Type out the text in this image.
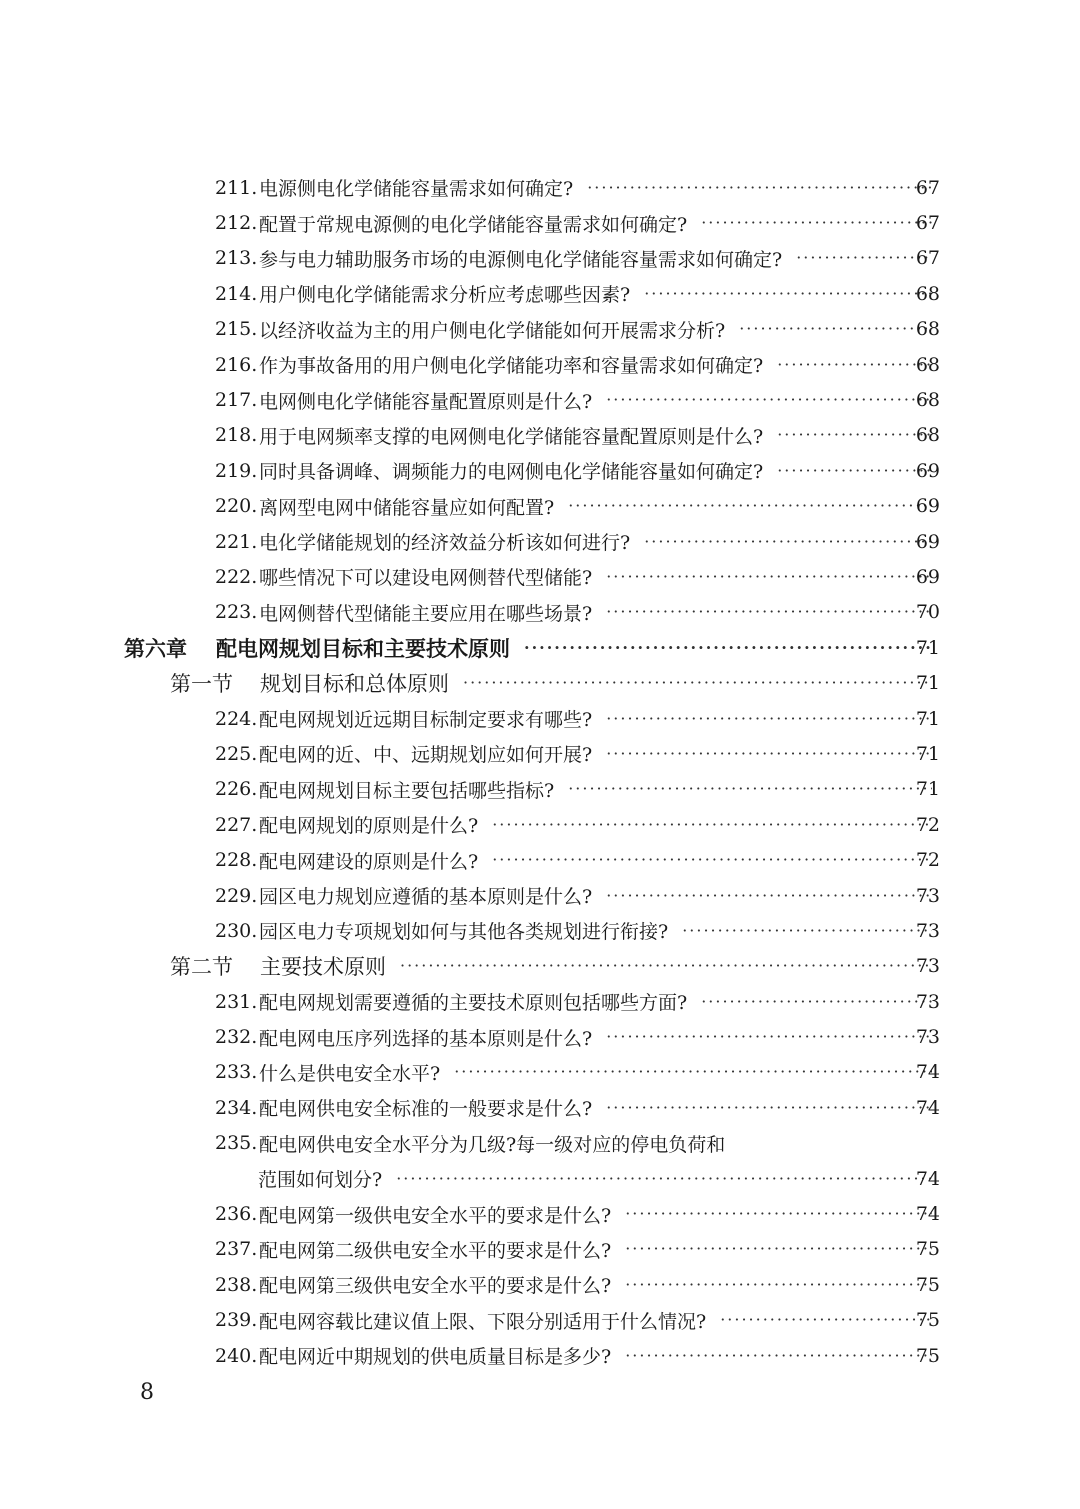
211. 电源侧电化学储能容量需求如何确定? ·····	67
212. 配置于常规电源侧的电化学储能容量需求如何确定? ·····	67
213. 参与电力辅助服务市场的电源侧电化学储能容量需求如何确定? ·····	67
214. 用户侧电化学储能需求分析应考虑哪些因素? ·····	68
215. 以经济收益为主的用户侧电化学储能如何开展需求分析? ·····	68
216. 作为事故备用的用户侧电化学储能功率和容量需求如何确定? ·····	68
217. 电网侧电化学储能容量配置原则是什么? ·····	68
218. 用于电网频率支撑的电网侧电化学储能容量配置原则是什么? ·····	68
219. 同时具备调峰、调频能力的电网侧电化学储能容量如何确定? ·····	69
220. 离网型电网中储能容量应如何配置? ·····	69
221. 电化学储能规划的经济效益分析该如何进行? ·····	69
222. 哪些情况下可以建设电网侧替代型储能? ·····	69
223. 电网侧替代型储能主要应用在哪些场景? ·····	70
第六章	配电网规划目标和主要技术原则 ·····	71
第一节	规划目标和总体原则 ·····	71
224. 配电网规划近远期目标制定要求有哪些? ·····	71
225. 配电网的近、中、远期规划应如何开展? ·····	71
226. 配电网规划目标主要包括哪些指标? ·····	71
227. 配电网规划的原则是什么? ·····	72
228. 配电网建设的原则是什么? ·····	72
229. 园区电力规划应遵循的基本原则是什么? ·····	73
230. 园区电力专项规划如何与其他各类规划进行衔接? ·····	73
第二节	主要技术原则 ·····	73
231. 配电网规划需要遵循的主要技术原则包括哪些方面? ·····	73
232. 配电网电压序列选择的基本原则是什么? ·····	73
233. 什么是供电安全水平? ·····	74
234. 配电网供电安全标准的一般要求是什么? ·····	74
235. 配电网供电安全水平分为几级?每一级对应的停电负荷和
范围如何划分? ·····	74
236. 配电网第一级供电安全水平的要求是什么? ·····	74
237. 配电网第二级供电安全水平的要求是什么? ·····	75
238. 配电网第三级供电安全水平的要求是什么? ·····	75
239. 配电网容载比建议值上限、下限分别适用于什么情况? ·····	75
240. 配电网近中期规划的供电质量目标是多少? ·····	75
8
